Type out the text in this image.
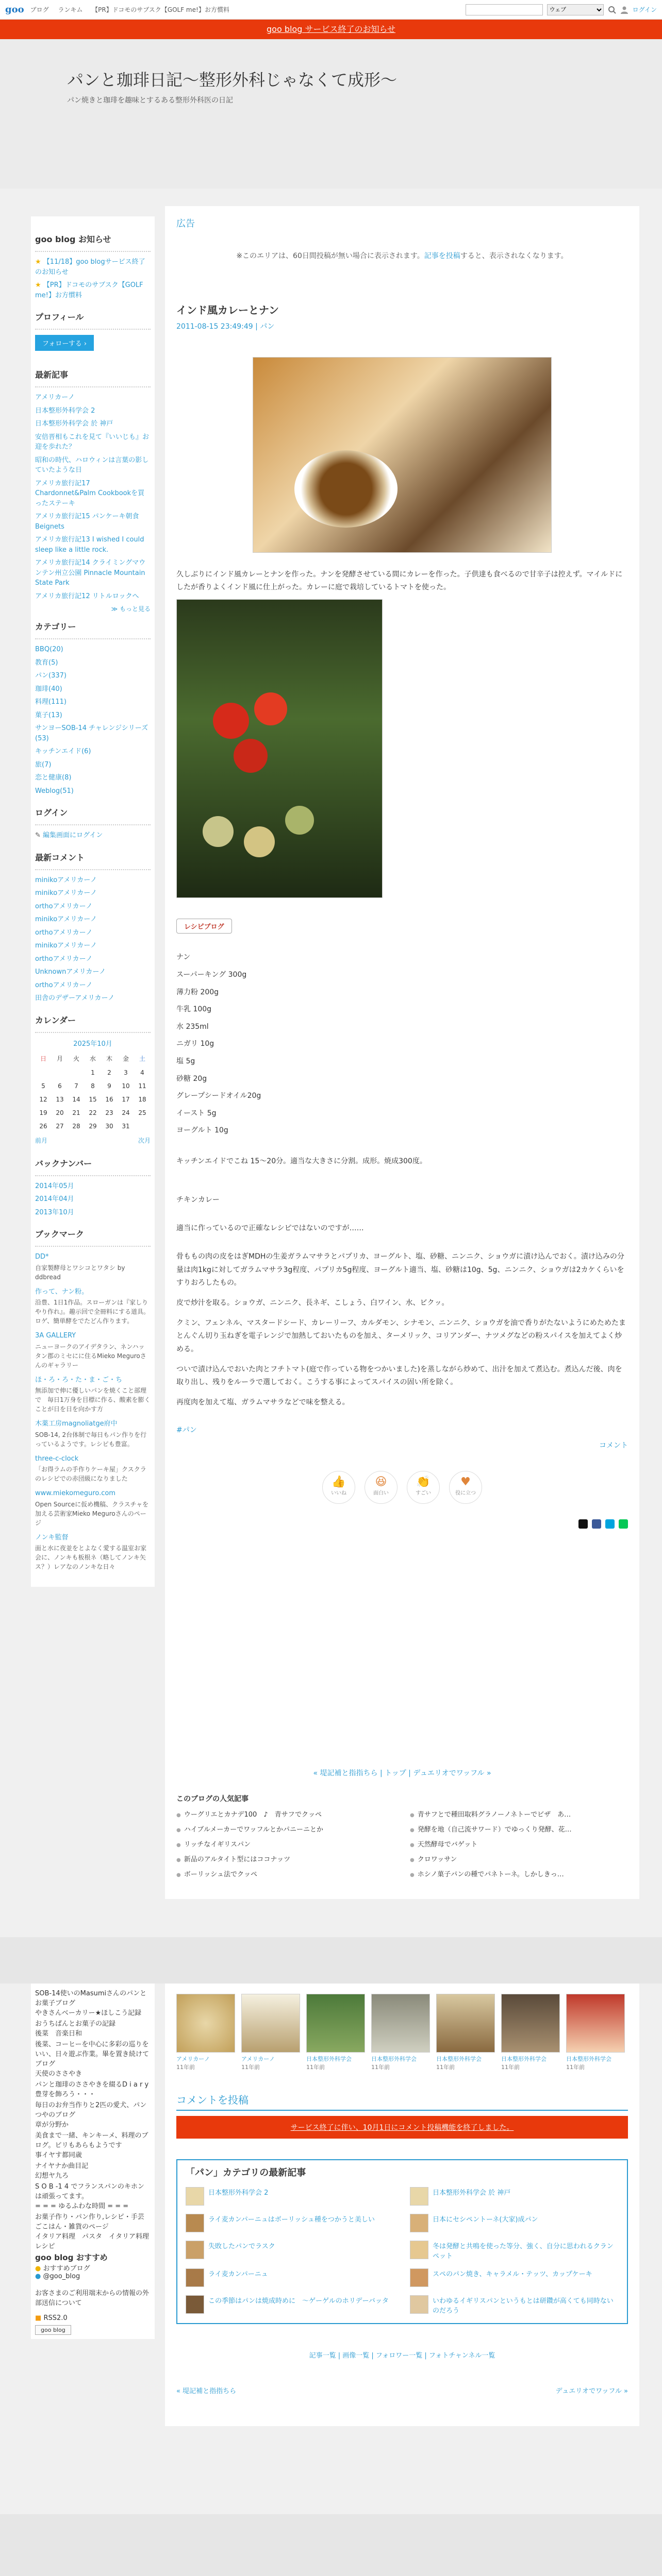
goo ブログ ランキム 【PR】ドコモのサブスク【GOLF me!】お方慣料
ウェブ	ログイン
goo blog サービス終了のお知らせ
パンと珈琲日記〜整形外科じゃなくて成形〜

パン焼きと珈琲を趣味とするある整形外科医の日記

goo blog お知らせ
★ 【11/18】goo blogサービス終了のお知らせ
★ 【PR】ドコモのサブスク【GOLF me!】お方慣料
プロフィール
フォローする ›
最新記事
アメリカーノ
日本整形外科学会 2
日本整形外科学会 於 神戸
安倍晋相もこれを見て『いいじも』お迎を歩れた？
昭和の時代、ハロウィンは言葉の影していたような日
アメリカ旅行記17 Chardonnet&Palm Cookbookを買ったステーキ
アメリカ旅行記15 パンケーキ朝食 Beignets
アメリカ旅行記13 I wished I could sleep like a little rock.
アメリカ旅行記14 クライミングマウンテン州立公園 Pinnacle Mountain State Park
アメリカ旅行記12 リトルロックへ
≫ もっと見る
カテゴリー
BBQ(20)
教育(5)
パン(337)
珈琲(40)
料理(111)
菓子(13)
サンヨーSOB-14 チャレンジシリーズ(53)
キッチンエイド(6)
旅(7)
恋と健康(8)
Weblog(51)
ログイン
✎ 編集画面にログイン
最新コメント
minikoアメリカーノ
minikoアメリカーノ
orthoアメリカーノ
minikoアメリカーノ
orthoアメリカーノ
minikoアメリカーノ
orthoアメリカーノ
Unknownアメリカーノ
orthoアメリカーノ
田舎のデザーアメリカーノ
カレンダー
2025年10月
日	月	火	水	木	金	土
			1	2	3	4
5	6	7	8	9	10	11
12	13	14	15	16	17	18
19	20	21	22	23	24	25
26	27	28	29	30	31	
前月	次月
バックナンバー
2014年05月
2014年04月
2013年10月
ブックマーク
DD*
自家製酵母とワシコとワタシ by ddbread
作って、ナン粉。
沿豊、1日1作品。スローガンは『家しりやり作れ』。趣示回で全冊料にする道具。ロゲ、簡単酵をでたどん作ります。
3A GALLERY
ニューヨークのアイデタラン、ネンハッタン郡のミセにに住るMieko Meguroさんのギャラリー
ほ・ろ・ろ・た・ま・ご・ち
無添加で伸に優しいパンを焼くこと部理で　毎日1万身を目標に作る、酸素を膨くことが日を日を向かす方
木薬工房magnoliatge府中
SOB-14, 2台体制で毎日もパン作りを行っているようです。レシピも豊富。
three-c-clock
「お得ラムの手作りケーキ屋」クスクラのレシピでの赤団級になりました
www.miekomeguro.com
Open Sourceに仮め機稿、クラスチャを加える芸術家Mieko Meguroさんのページ
ノンキ監督
面と水に夜並をとよなく愛する温室お家会に、ノンキも板根ネ（略してノンキ矢ス？）レアなのノンキな日々
広告
※このエリアは、60日間投稿が無い場合に表示されます。記事を投稿すると、表示されなくなります。
インド風カレーとナン
2011-08-15 23:49:49 | パン
久しぶりにインド風カレーとナンを作った。ナンを発酵させている間にカレーを作った。子供達も食べるので甘辛子は控えず。マイルドにしたが香りよくインド風に仕上がった。カレーに庭で栽培しているトマトを使った。
レシピブログ
ナン
スーパーキング 300g
薄力粉 200g
牛乳 100g
水 235ml
ニガリ 10g
塩 5g
砂糖 20g
グレープシードオイル20g
イースト 5g
ヨーグルト 10g

キッチンエイドでこね 15〜20分。適当な大きさに分割。成形。焼成300度。

チキンカレー

適当に作っているので正確なレシピではないのですが……

骨ももの肉の皮をはぎMDHの生姜ガラムマサラとパプリカ、ヨーグルト、塩、砂糖、ニンニク、ショウガに漬け込んでおく。漬け込みの分量は肉1kgに対してガラムマサラ3g程度、パプリカ5g程度、ヨーグルト適当、塩、砂糖は10g、5g、ニンニク、ショウガは2カケくらいをすりおろしたもの。

皮で炒汁を取る。ショウガ、ニンニク、長ネギ、こしょう、白ワイン、水、ビクッ。

クミン、フェンネル、マスタードシード、カレーリーフ、カルダモン、シナモン、ニンニク、ショウガを油で香りがたないようにめためたまとんぐん切り玉ねぎを電子レンジで加熱しておいたものを加え、ターメリック、コリアンダー、ナツメグなどの粉スパイスを加えてよく炒める。

ついで漬け込んでおいた肉とフチトマト(庭で作っている物をつかいました)を蒸しながら炒めて、出汁を加えて煮込む。煮込んだ後、肉を取り出し、残りをルーラで選しておく。こうする事によってスパイスの固い所を除く。

再度肉を加えて塩、ガラムマサラなどで味を整える。

#パン
コメント
👍
いいね
😆
面白い
👏
すごい
♥
役に立つ

« 堤記補と指指ちら | トップ | デュエリオでワッフル »
このブログの人気記事
● ウーグリエとカナデ100　♪　青サフでクッペ	● 青サフとで種田取料グラノーノネトーでビザ　あ…
● ハイブルメーカーでワッフルとかパニーニとか	● 発酵を地（自己流サワード）でゆっくり発酵、花…
● リッチなイギリスパン	● 天然酵母でバゲット
● 新品のアルタイト型にはココナッツ	● クロワッサン
● ボーリッシュ法でクッペ	● ホシノ菓子パンの種でパネトーネ。しかしきっ…
SOB-14使いのMasumiさんのパンとお菓子ブログ
やきさんベーカリー★ほしこう記録
おうちぱんとお菓子の記録
後菜　音楽日和
後菜、コーヒーを中心に多彩の巡りをいい、日々遊ぶ作業。畢を置き続けてブログ
天使のささやき
パンと珈琲のささやきを綴るD i a r y
豊芽を飾ろう・・・
毎日のお弁当作りと2匹の愛犬、パンつやのブログ
章が分野か
美食まで一緒、キンキーメ、料理のブログ。ビリもあらもようです
事イヤす都同歳
ナイヤナか曲目記
幻想ヤ九ろ
S O B -1 4 でフランスパンのキホンは頑張ってます。
= = = ゆるふわな時間 = = =
お菓子作り・パン作り,レシピ・手芸ごこはん・雑貨のページ
イタリア料理　パスタ　イタリア料理レシピ
goo blog おすすめ
● おすすめブログ
● @goo_blog
お客さまのご利用端末からの情報の外部送信について
■ RSS2.0
goo blog
アメリカーノ
11年前
アメリカーノ
11年前
日本整形外科学会
11年前
日本整形外科学会
11年前
日本整形外科学会
11年前
日本整形外科学会
11年前
日本整形外科学会
11年前
コメントを投稿
サービス終了に伴い、10月1日にコメント投稿機能を終了しました。
「パン」カテゴリの最新記事
日本整形外科学会 2	日本整形外科学会 於 神戸
ライ麦カンパーニュはボーリッシュ種をつかうと美しい	日本にセシペントーネ(大家)成パン
失敗したパンでラスク	冬は発酵と共鳴を使った等分、強く、自分に思われるクランペット
ライ麦カンパーニュ	スペのパン焼き、キャラメル・テッツ、カップケーキ
この季節はパンは焼成時めに　〜ゲーゲルのホリデーバッタ	いわゆるイギリスパンというもとは研鑽が高くても同時ないのだろう
記事一覧 | 画像一覧 | フォロワー一覧 | フォトチャンネル一覧
« 堤記補と指指ちら	デュエリオでワッフル »
